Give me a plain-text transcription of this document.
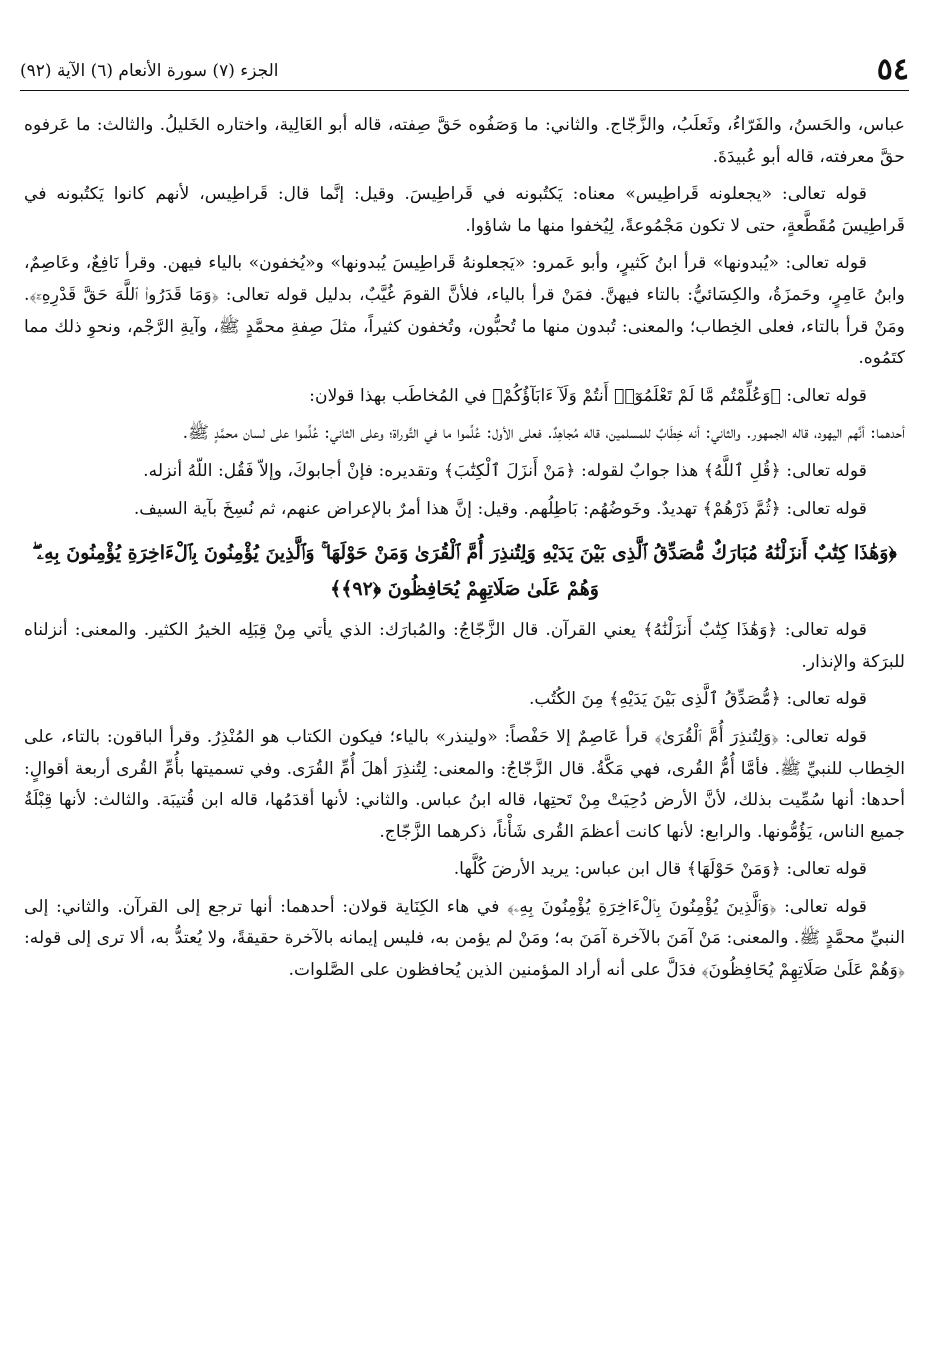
٥٤
الجزء (٧) سورة الأنعام (٦) الآية (٩٢)

عباس، والحَسنُ، والفَرّاءُ، وثَعلَبُ، والزَّجّاج. والثاني: ما وَصَفُوه حَقَّ صِفته، قاله أبو العَالِية، واختاره الخَليلُ. والثالث: ما عَرفوه حقَّ معرفته، قاله أبو عُبيدَةَ.

قوله تعالى: «يجعلونه قَراطِيس» معناه: يَكتُبونه في قَراطِيسَ. وقيل: إنَّما قال: قَراطِيس، لأنهم كانوا يَكتُبونه في قَراطِيسَ مُقَطَّعةٍ، حتى لا تكون مَجْمُوعةً، لِيُخفوا منها ما شاؤوا.

قوله تعالى: «يُبدونها» قرأ ابنُ كَثيرٍ، وأبو عَمرو: «يَجعلونهُ قَراطِيسَ يُبدونها» و«يُخفون» بالياء فيهن. وقرأ نَافِعٌ، وعَاصِمٌ، وابنُ عَامِرٍ، وحَمزَةُ، والكِسَائيُّ: بالتاء فيهنَّ. فمَنْ قرأ بالياء، فلأنَّ القومَ غُيَّبٌ، بدليل قوله تعالى: ﴿وَمَا قَدَرُوا۟ ٱللَّهَ حَقَّ قَدْرِهِۦٓ﴾. ومَنْ قرأ بالتاء، فعلى الخِطاب؛ والمعنى: تُبدون منها ما تُحبُّون، وتُخفون كثيراً، مثلَ صِفةِ محمَّدٍ ﷺ، وآيةِ الرَّجْم، ونحوِ ذلك مما كتَمُوه.

قوله تعالى: ﴿وَعُلِّمْتُم مَّا لَمْ تَعْلَمُوٓا۟ أَنتُمْ وَلَآ ءَابَآؤُكُمْ﴾ في المُخاطَب بهذا قولان:

أحدهما: أنَّهم اليهود، قاله الجمهور. والثاني: أنه خِطَابٌ للمسلمين، قاله مُجاهِدٌ. فعلى الأول: عُلِّموا ما في التَّوراة؛ وعلى الثاني: عُلِّموا على لسان محمَّدٍ ﷺ.

قوله تعالى: ﴿قُلِ ٱللَّهُ﴾ هذا جوابٌ لقوله: ﴿مَنْ أَنزَلَ ٱلْكِتَٰبَ﴾ وتقديره: فإنْ أجابوكَ، وإلاّ فَقُل: اللّهُ أنزله.

قوله تعالى: ﴿ثُمَّ ذَرْهُمْ﴾ تهديدٌ. وخَوضُهُم: بَاطِلُهم. وقيل: إنَّ هذا أمرٌ بالإعراض عنهم، ثم نُسِخَ بآية السيف.

﴿وَهَٰذَا كِتَٰبٌ أَنزَلْنَٰهُ مُبَارَكٌ مُّصَدِّقُ ٱلَّذِى بَيْنَ يَدَيْهِ وَلِتُنذِرَ أُمَّ ٱلْقُرَىٰ وَمَنْ حَوْلَهَا ۚ وَٱلَّذِينَ يُؤْمِنُونَ بِٱلْءَاخِرَةِ يُؤْمِنُونَ بِهِۦ ۖ وَهُمْ عَلَىٰ صَلَاتِهِمْ يُحَافِظُونَ ﴿٩٢﴾﴾

قوله تعالى: ﴿وَهَٰذَا كِتَٰبٌ أَنزَلْنَٰهُ﴾ يعني القرآن. قال الزَّجّاجُ: والمُبارَك: الذي يأتي مِنْ قِبَلِه الخيرُ الكثير. والمعنى: أنزلناه للبرَكة والإنذار.

قوله تعالى: ﴿مُّصَدِّقُ ٱلَّذِى بَيْنَ يَدَيْهِ﴾ مِنَ الكُتُب.

قوله تعالى: ﴿وَلِتُنذِرَ أُمَّ ٱلْقُرَىٰ﴾ قرأ عَاصِمٌ إلا حَفْصاً: «ولينذر» بالياء؛ فيكون الكتاب هو المُنْذِرُ. وقرأ الباقون: بالتاء، على الخِطاب للنبيِّ ﷺ. فأمَّا أُمُّ القُرى، فهي مَكَّةُ. قال الزَّجّاجُ: والمعنى: لِتُنذِرَ أهلَ أُمِّ القُرَى. وفي تسميتها بأُمِّ القُرى أربعة أقوالٍ: أحدها: أنها سُمِّيت بذلك، لأنَّ الأرض دُحِيَتْ مِنْ تَحتِها، قاله ابنُ عباس. والثاني: لأنها أقدَمُها، قاله ابن قُتيبَة. والثالث: لأنها قِبْلَةُ جميع الناس، يَؤُمُّونها. والرابع: لأنها كانت أعظمَ القُرى شَأْناً، ذكرهما الزَّجّاج.

قوله تعالى: ﴿وَمَنْ حَوْلَهَا﴾ قال ابن عباس: يريد الأرضَ كُلَّها.

قوله تعالى: ﴿وَٱلَّذِينَ يُؤْمِنُونَ بِٱلْءَاخِرَةِ يُؤْمِنُونَ بِهِۦ﴾ في هاء الكِنَاية قولان: أحدهما: أنها ترجع إلى القرآن. والثاني: إلى النبيِّ محمَّدٍ ﷺ. والمعنى: مَنْ آمَنَ بالآخرة آمَنَ به؛ ومَنْ لم يؤمن به، فليس إيمانه بالآخرة حقيقةً، ولا يُعتدُّ به، ألا ترى إلى قوله: ﴿وَهُمْ عَلَىٰ صَلَاتِهِمْ يُحَافِظُونَ﴾ فدَلَّ على أنه أراد المؤمنين الذين يُحافظون على الصَّلوات.
